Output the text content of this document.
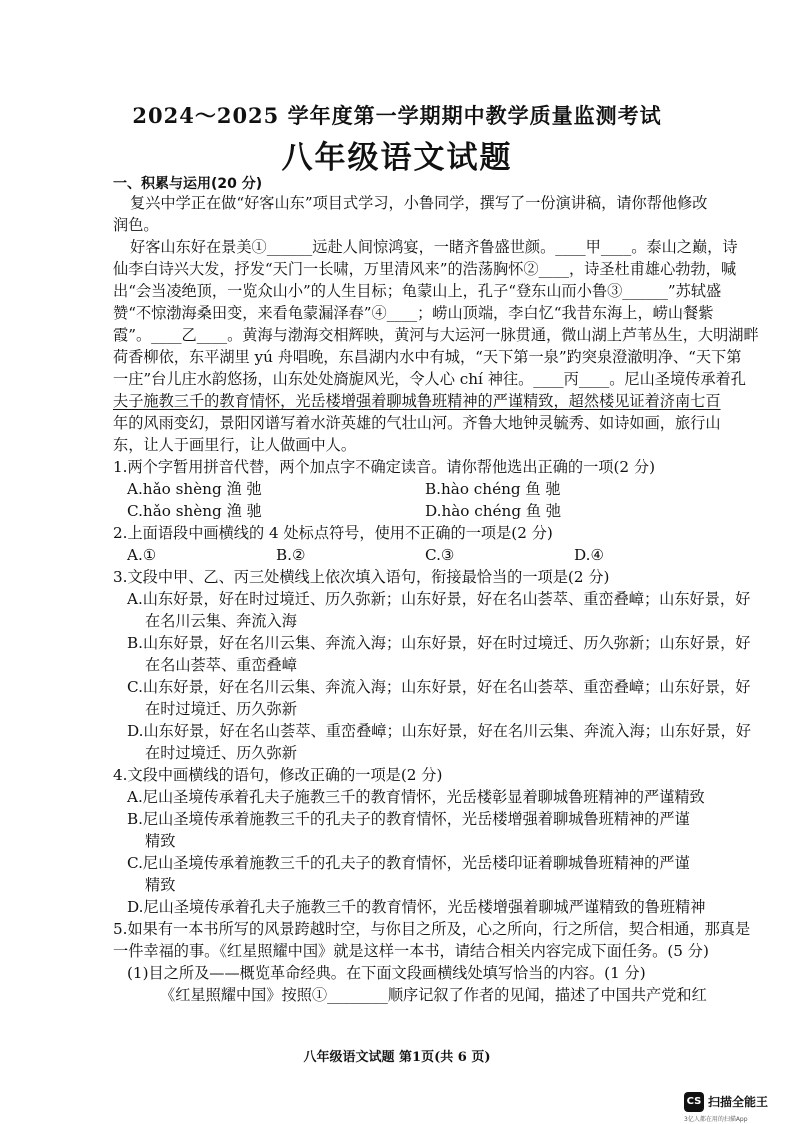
2024～2025 学年度第一学期期中教学质量监测考试
八年级语文试题
一、积累与运用(20 分)
复兴中学正在做“好客山东”项目式学习，小鲁同学，撰写了一份演讲稿，请你帮他修改
润色。
好客山东好在景美①______远赴人间惊鸿宴，一睹齐鲁盛世颜。____甲____。泰山之巅，诗
仙李白诗兴大发，抒发“天门一长啸，万里清风来”的浩荡胸怀②____，诗圣杜甫雄心勃勃，喊
出“会当凌绝顶，一览众山小”的人生目标；龟蒙山上，孔子“登东山而小鲁③______”苏轼盛
赞“不惊渤海桑田变，来看龟蒙漏泽春”④____；崂山顶端，李白忆“我昔东海上，崂山餐紫
霞”。____乙____。黄海与渤海交相辉映，黄河与大运河一脉贯通，微山湖上芦苇丛生，大明湖畔
荷香柳依，东平湖里 yú 舟唱晚，东昌湖内水中有城，“天下第一泉”趵突泉澄澈明净、“天下第
一庄”台儿庄水韵悠扬，山东处处旖旎风光，令人心 chí 神往。____丙____。尼山圣境传承着孔
夫子施教三千的教育情怀，光岳楼增强着聊城鲁班精神的严谨精致，超然楼见证着济南七百
年的风雨变幻，景阳冈谱写着水浒英雄的气壮山河。齐鲁大地钟灵毓秀、如诗如画，旅行山
东，让人于画里行，让人做画中人。
1.两个字暂用拼音代替，两个加点字不确定读音。请你帮他选出正确的一项(2 分)
A.hǎo shèng 渔 弛	B.hào chéng 鱼 驰
C.hǎo shèng 渔 驰	D.hào chéng 鱼 弛
2.上面语段中画横线的 4 处标点符号，使用不正确的一项是(2 分)
A.①	B.②	C.③	D.④
3.文段中甲、乙、丙三处横线上依次填入语句，衔接最恰当的一项是(2 分)
A.山东好景，好在时过境迁、历久弥新；山东好景，好在名山荟萃、重峦叠嶂；山东好景，好
在名川云集、奔流入海
B.山东好景，好在名川云集、奔流入海；山东好景，好在时过境迁、历久弥新；山东好景，好
在名山荟萃、重峦叠嶂
C.山东好景，好在名川云集、奔流入海；山东好景，好在名山荟萃、重峦叠嶂；山东好景，好
在时过境迁、历久弥新
D.山东好景，好在名山荟萃、重峦叠嶂；山东好景，好在名川云集、奔流入海；山东好景，好
在时过境迁、历久弥新
4.文段中画横线的语句，修改正确的一项是(2 分)
A.尼山圣境传承着孔夫子施教三千的教育情怀，光岳楼彰显着聊城鲁班精神的严谨精致
B.尼山圣境传承着施教三千的孔夫子的教育情怀，光岳楼增强着聊城鲁班精神的严谨
精致
C.尼山圣境传承着施教三千的孔夫子的教育情怀，光岳楼印证着聊城鲁班精神的严谨
精致
D.尼山圣境传承着孔夫子施教三千的教育情怀，光岳楼增强着聊城严谨精致的鲁班精神
5.如果有一本书所写的风景跨越时空，与你目之所及，心之所向，行之所信，契合相通，那真是
一件幸福的事。《红星照耀中国》就是这样一本书，请结合相关内容完成下面任务。(5 分)
(1)目之所及——概览革命经典。在下面文段画横线处填写恰当的内容。(1 分)
《红星照耀中国》按照①________顺序记叙了作者的见闻，描述了中国共产党和红
八年级语文试题 第1页(共 6 页)
CS 扫描全能王
3亿人都在用的扫描App
